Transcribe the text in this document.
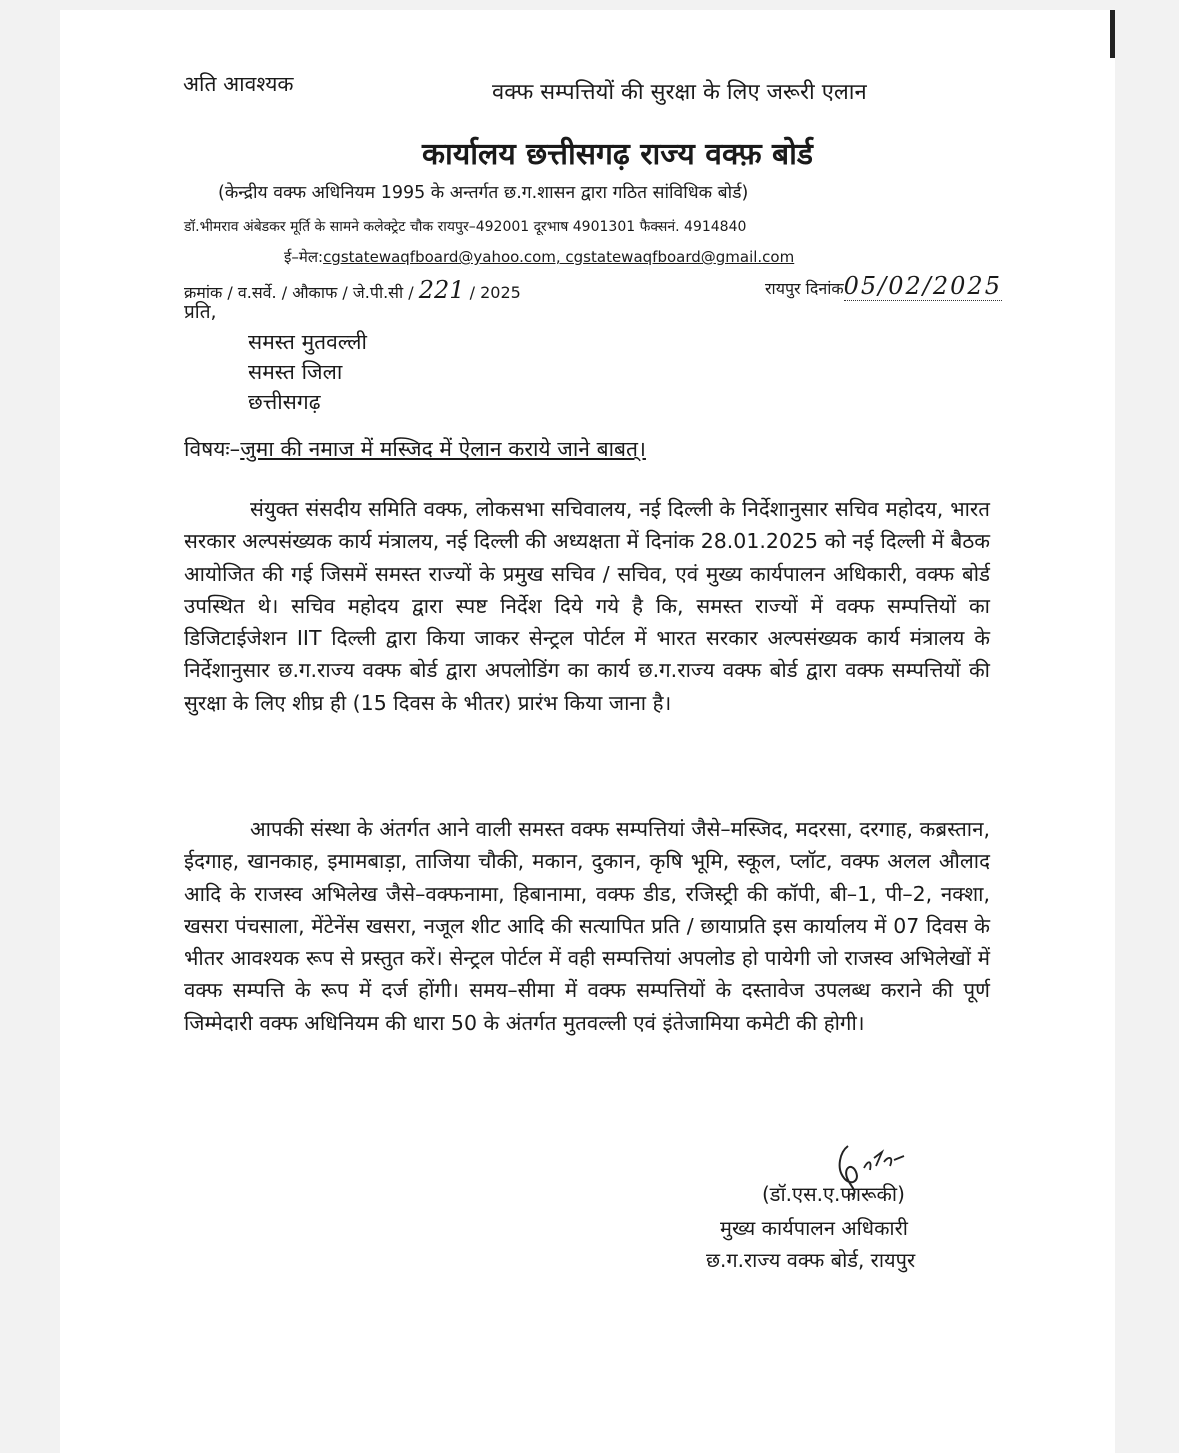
अति आवश्यक	वक्फ सम्पत्तियों की सुरक्षा के लिए जरूरी एलान
कार्यालय छत्तीसगढ़ राज्य वक्फ़ बोर्ड
(केन्द्रीय वक्फ अधिनियम 1995 के अन्तर्गत छ.ग.शासन द्वारा गठित सांविधिक बोर्ड)
डॉ.भीमराव अंबेडकर मूर्ति के सामने कलेक्ट्रेट चौक रायपुर–492001 दूरभाष 4901301 फैक्सनं. 4914840
ई–मेल:cgstatewaqfboard@yahoo.com, cgstatewaqfboard@gmail.com
क्रमांक / व.सर्वे. / औकाफ / जे.पी.सी / 221 / 2025	रायपुर दिनांक05/02/2025
प्रति,
समस्त मुतवल्ली
समस्त जिला
छत्तीसगढ़
विषयः–जुमा की नमाज में मस्जिद में ऐलान कराये जाने बाबत्।

संयुक्त संसदीय समिति वक्फ, लोकसभा सचिवालय, नई दिल्ली के निर्देशानुसार सचिव महोदय, भारत सरकार अल्पसंख्यक कार्य मंत्रालय, नई दिल्ली की अध्यक्षता में दिनांक 28.01.2025 को नई दिल्ली में बैठक आयोजित की गई जिसमें समस्त राज्यों के प्रमुख सचिव / सचिव, एवं मुख्य कार्यपालन अधिकारी, वक्फ बोर्ड उपस्थित थे। सचिव महोदय द्वारा स्पष्ट निर्देश दिये गये है कि, समस्त राज्यों में वक्फ सम्पत्तियों का डिजिटाईजेशन IIT दिल्ली द्वारा किया जाकर सेन्ट्रल पोर्टल में भारत सरकार अल्पसंख्यक कार्य मंत्रालय के निर्देशानुसार छ.ग.राज्य वक्फ बोर्ड द्वारा अपलोडिंग का कार्य छ.ग.राज्य वक्फ बोर्ड द्वारा वक्फ सम्पत्तियों की सुरक्षा के लिए शीघ्र ही (15 दिवस के भीतर) प्रारंभ किया जाना है।

आपकी संस्था के अंतर्गत आने वाली समस्त वक्फ सम्पत्तियां जैसे–मस्जिद, मदरसा, दरगाह, कब्रस्तान, ईदगाह, खानकाह, इमामबाड़ा, ताजिया चौकी, मकान, दुकान, कृषि भूमि, स्कूल, प्लॉट, वक्फ अलल औलाद आदि के राजस्व अभिलेख जैसे–वक्फनामा, हिबानामा, वक्फ डीड, रजिस्ट्री की कॉपी, बी–1, पी–2, नक्शा, खसरा पंचसाला, मेंटेनेंस खसरा, नजूल शीट आदि की सत्यापित प्रति / छायाप्रति इस कार्यालय में 07 दिवस के भीतर आवश्यक रूप से प्रस्तुत करें। सेन्ट्रल पोर्टल में वही सम्पत्तियां अपलोड हो पायेगी जो राजस्व अभिलेखों में वक्फ सम्पत्ति के रूप में दर्ज होंगी। समय–सीमा में वक्फ सम्पत्तियों के दस्तावेज उपलब्ध कराने की पूर्ण जिम्मेदारी वक्फ अधिनियम की धारा 50 के अंतर्गत मुतवल्ली एवं इंतेजामिया कमेटी की होगी।

(डॉ.एस.ए.फारूकी)
मुख्य कार्यपालन अधिकारी
छ.ग.राज्य वक्फ बोर्ड, रायपुर
